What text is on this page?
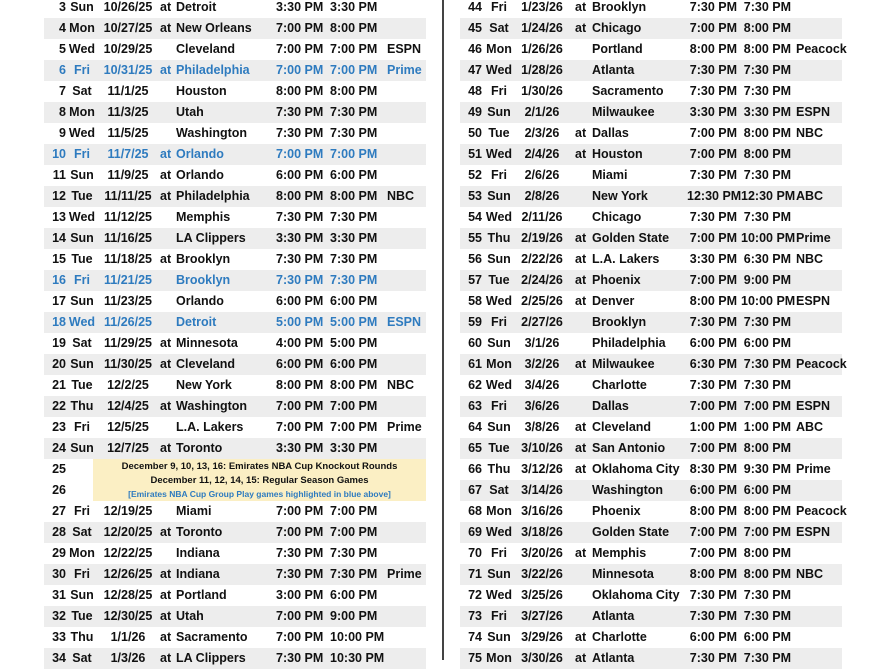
3 Sun 10/26/25 at Detroit	3:30 PM 3:30 PM
4 Mon 10/27/25 at New Orleans 7:00 PM 8:00 PM
5 Wed 10/29/25 Cleveland	7:00 PM 7:00 PM ESPN
6 Fri	10/31/25 at Philadelphia 7:00 PM 7:00 PM Prime
7 Sat	11/1/25	Houston	8:00 PM 8:00 PM
8 Mon	11/3/25	Utah	7:30 PM 7:30 PM
9 Wed 11/5/25	Washington 7:30 PM 7:30 PM
10 Fri	11/7/25 at Orlando	7:00 PM 7:00 PM
11 Sun	11/9/25 at Orlando	6:00 PM 6:00 PM
12 Tue 11/11/25 at Philadelphia 8:00 PM 8:00 PM NBC
13 Wed 11/12/25	Memphis	7:30 PM 7:30 PM
14 Sun 11/16/25	LA Clippers 3:30 PM 3:30 PM
15 Tue 11/18/25 at Brooklyn	7:30 PM 7:30 PM
16 Fri	11/21/25	Brooklyn	7:30 PM 7:30 PM
17 Sun 11/23/25	Orlando	6:00 PM 6:00 PM
18 Wed 11/26/25	Detroit	5:00 PM 5:00 PM ESPN
19 Sat 11/29/25 at Minnesota	4:00 PM 5:00 PM
20 Sun 11/30/25 at Cleveland	6:00 PM 6:00 PM
21 Tue	12/2/25	New York	8:00 PM 8:00 PM NBC
22 Thu	12/4/25 at Washington 7:00 PM 7:00 PM
23 Fri	12/5/25	L.A. Lakers	7:00 PM 7:00 PM Prime
24 Sun	12/7/25 at Toronto	3:30 PM 3:30 PM
25
26
December 9, 10, 13, 16: Emirates NBA Cup Knockout Rounds
December 11, 12, 14, 15: Regular Season Games
[Emirates NBA Cup Group Play games highlighted in blue above]
27 Fri	12/19/25 Miami	7:00 PM 7:00 PM
28 Sat 12/20/25 at Toronto	7:00 PM 7:00 PM
29 Mon 12/22/25 Indiana	7:30 PM 7:30 PM
30 Fri	12/26/25 at Indiana	7:30 PM 7:30 PM Prime
31 Sun 12/28/25 at Portland	3:00 PM 6:00 PM
32 Tue 12/30/25 at Utah	7:00 PM 9:00 PM
33 Thu	1/1/26	at Sacramento 7:00 PM 10:00 PM
34 Sat	1/3/26	at LA Clippers 7:30 PM 10:30 PM
44 Fri	1/23/26 at Brooklyn	7:30 PM 7:30 PM
45 Sat 1/24/26 at Chicago	7:00 PM 8:00 PM
46 Mon 1/26/26 Portland	8:00 PM 8:00 PM Peacock
47 Wed 1/28/26 Atlanta	7:30 PM 7:30 PM
48 Fri	1/30/26 Sacramento 7:30 PM 7:30 PM
49 Sun	2/1/26	Milwaukee	3:30 PM 3:30 PM ESPN
50 Tue	2/3/26	at Dallas	7:00 PM 8:00 PM NBC
51 Wed	2/4/26	at Houston	7:00 PM 8:00 PM
52 Fri	2/6/26	Miami	7:30 PM 7:30 PM
53 Sun	2/8/26	New York	12:30 PM 12:30 PM ABC
54 Wed 2/11/26 Chicago	7:30 PM 7:30 PM
55 Thu 2/19/26 at Golden State 7:00 PM 10:00 PM Prime
56 Sun 2/22/26 at L.A. Lakers 3:30 PM 6:30 PM NBC
57 Tue 2/24/26 at Phoenix	7:00 PM 9:00 PM
58 Wed 2/25/26 at Denver	8:00 PM 10:00 PM ESPN
59 Fri	2/27/26 Brooklyn	7:30 PM 7:30 PM
60 Sun	3/1/26	Philadelphia 6:00 PM 6:00 PM
61 Mon	3/2/26	at Milwaukee	6:30 PM 7:30 PM Peacock
62 Wed	3/4/26	Charlotte	7:30 PM 7:30 PM
63 Fri	3/6/26	Dallas	7:00 PM 7:00 PM ESPN
64 Sun	3/8/26	at Cleveland	1:00 PM 1:00 PM ABC
65 Tue 3/10/26 at San Antonio 7:00 PM 8:00 PM
66 Thu 3/12/26 at Oklahoma City 8:30 PM 9:30 PM Prime
67 Sat 3/14/26 Washington 6:00 PM 6:00 PM
68 Mon 3/16/26 Phoenix	8:00 PM 8:00 PM Peacock
69 Wed 3/18/26 Golden State 7:00 PM 7:00 PM ESPN
70 Fri	3/20/26 at Memphis	7:00 PM 8:00 PM
71 Sun 3/22/26 Minnesota	8:00 PM 8:00 PM NBC
72 Wed 3/25/26 Oklahoma City 7:30 PM 7:30 PM
73 Fri	3/27/26 Atlanta	7:30 PM 7:30 PM
74 Sun 3/29/26 at Charlotte	6:00 PM 6:00 PM
75 Mon 3/30/26 at Atlanta	7:30 PM 7:30 PM
